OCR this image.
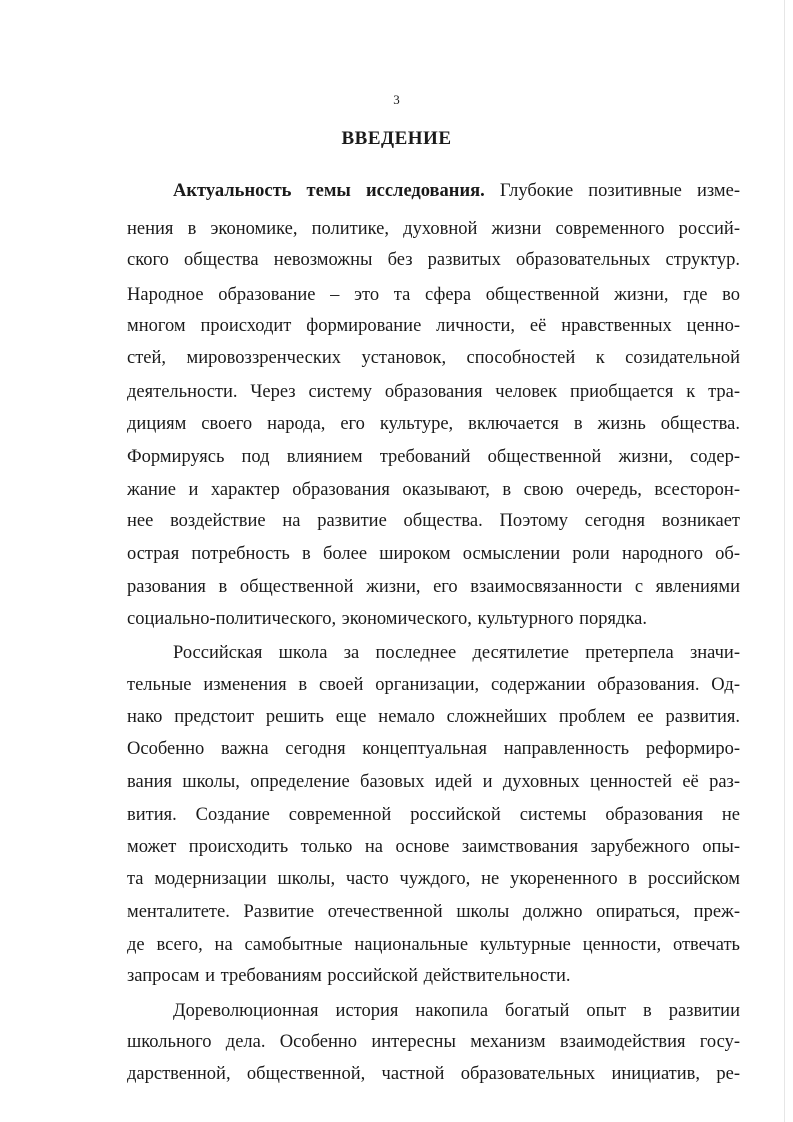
3
ВВЕДЕНИЕ
Актуальность темы исследования. Глубокие позитивные изме-
нения в экономике, политике, духовной жизни современного россий-
ского общества невозможны без развитых образовательных структур.
Народное образование – это та сфера общественной жизни, где во
многом происходит формирование личности, её нравственных ценно-
стей, мировоззренческих установок, способностей к созидательной
деятельности. Через систему образования человек приобщается к тра-
дициям своего народа, его культуре, включается в жизнь общества.
Формируясь под влиянием требований общественной жизни, содер-
жание и характер образования оказывают, в свою очередь, всесторон-
нее воздействие на развитие общества. Поэтому сегодня возникает
острая потребность в более широком осмыслении роли народного об-
разования в общественной жизни, его взаимосвязанности с явлениями
социально-политического, экономического, культурного порядка.
Российская школа за последнее десятилетие претерпела значи-
тельные изменения в своей организации, содержании образования. Од-
нако предстоит решить еще немало сложнейших проблем ее развития.
Особенно важна сегодня концептуальная направленность реформиро-
вания школы, определение базовых идей и духовных ценностей её раз-
вития. Создание современной российской системы образования не
может происходить только на основе заимствования зарубежного опы-
та модернизации школы, часто чуждого, не укорененного в российском
менталитете. Развитие отечественной школы должно опираться, преж-
де всего, на самобытные национальные культурные ценности, отвечать
запросам и требованиям российской действительности.
Дореволюционная история накопила богатый опыт в развитии
школьного дела. Особенно интересны механизм взаимодействия госу-
дарственной, общественной, частной образовательных инициатив, ре-
